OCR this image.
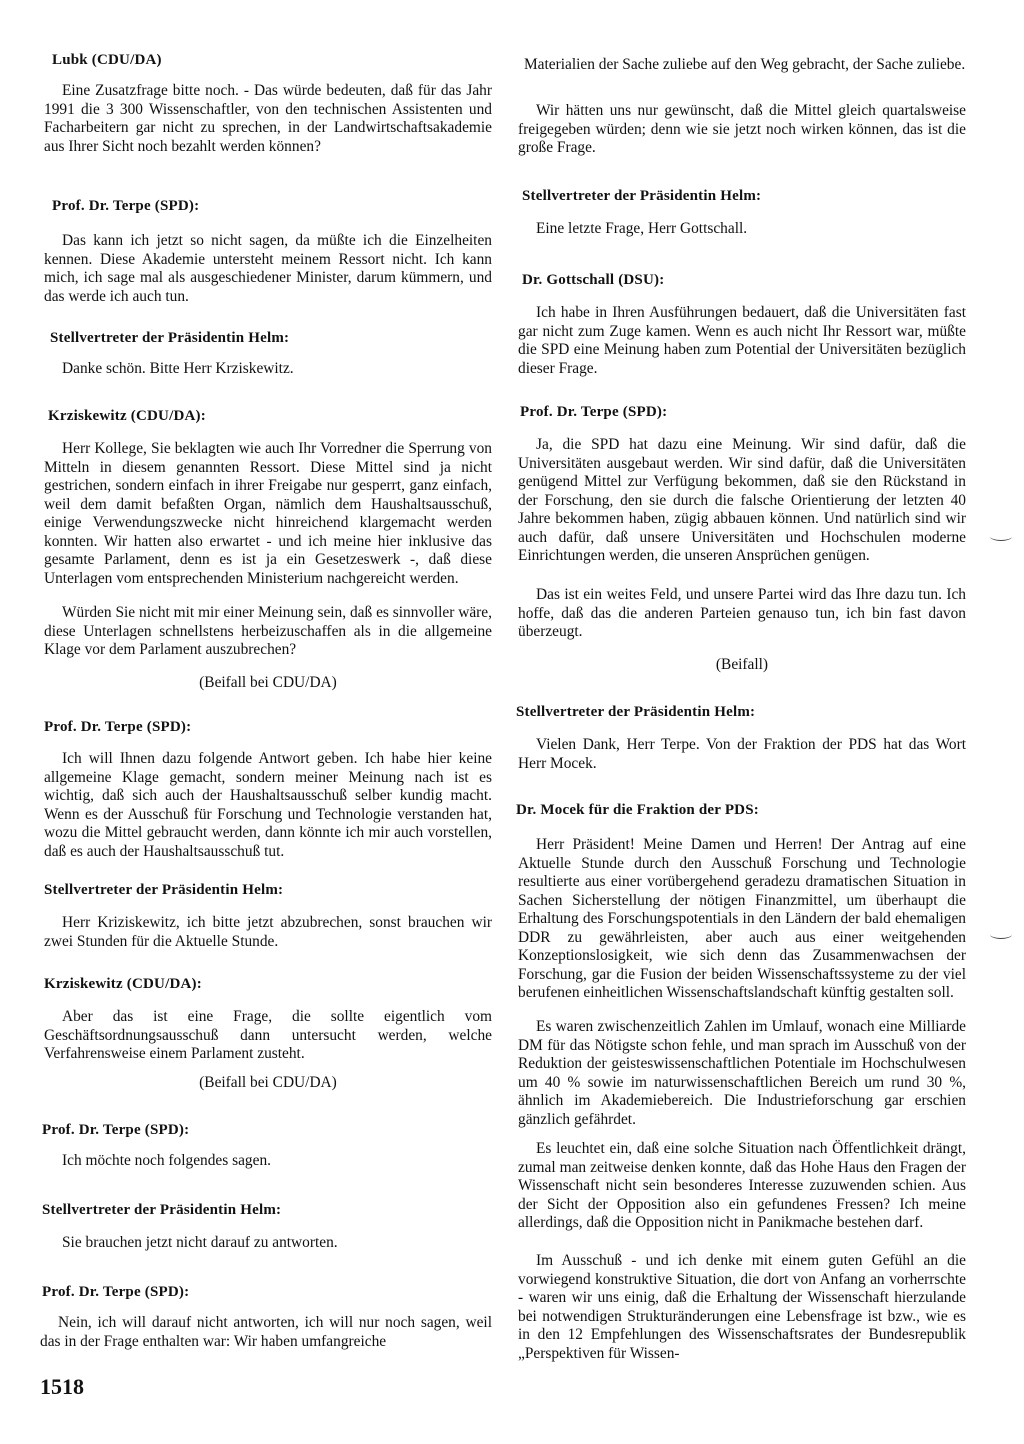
Lubk (CDU/DA)

Eine Zusatzfrage bitte noch. - Das würde bedeuten, daß für das Jahr 1991 die 3 300 Wissenschaftler, von den technischen Assistenten und Facharbeitern gar nicht zu sprechen, in der Landwirtschaftsakademie aus Ihrer Sicht noch bezahlt werden können?

Prof. Dr. Terpe (SPD):

Das kann ich jetzt so nicht sagen, da müßte ich die Einzelheiten kennen. Diese Akademie untersteht meinem Ressort nicht. Ich kann mich, ich sage mal als ausgeschiedener Minister, darum kümmern, und das werde ich auch tun.

Stellvertreter der Präsidentin Helm:

Danke schön. Bitte Herr Krziskewitz.

Krziskewitz (CDU/DA):

Herr Kollege, Sie beklagten wie auch Ihr Vorredner die Sperrung von Mitteln in diesem genannten Ressort. Diese Mittel sind ja nicht gestrichen, sondern einfach in ihrer Freigabe nur gesperrt, ganz einfach, weil dem damit befaßten Organ, nämlich dem Haushaltsausschuß, einige Verwendungszwecke nicht hinreichend klargemacht werden konnten. Wir hatten also erwartet - und ich meine hier inklusive das gesamte Parlament, denn es ist ja ein Gesetzeswerk -, daß diese Unterlagen vom entsprechenden Ministerium nachgereicht werden.

Würden Sie nicht mit mir einer Meinung sein, daß es sinnvoller wäre, diese Unterlagen schnellstens herbeizuschaffen als in die allgemeine Klage vor dem Parlament auszubrechen?

(Beifall bei CDU/DA)
Prof. Dr. Terpe (SPD):

Ich will Ihnen dazu folgende Antwort geben. Ich habe hier keine allgemeine Klage gemacht, sondern meiner Meinung nach ist es wichtig, daß sich auch der Haushaltsausschuß selber kundig macht. Wenn es der Ausschuß für Forschung und Technologie verstanden hat, wozu die Mittel gebraucht werden, dann könnte ich mir auch vorstellen, daß es auch der Haushaltsausschuß tut.

Stellvertreter der Präsidentin Helm:

Herr Kriziskewitz, ich bitte jetzt abzubrechen, sonst brauchen wir zwei Stunden für die Aktuelle Stunde.

Krziskewitz (CDU/DA):

Aber das ist eine Frage, die sollte eigentlich vom Geschäftsordnungsausschuß dann untersucht werden, welche Verfahrensweise einem Parlament zusteht.

(Beifall bei CDU/DA)
Prof. Dr. Terpe (SPD):

Ich möchte noch folgendes sagen.

Stellvertreter der Präsidentin Helm:

Sie brauchen jetzt nicht darauf zu antworten.

Prof. Dr. Terpe (SPD):

Nein, ich will darauf nicht antworten, ich will nur noch sagen, weil das in der Frage enthalten war: Wir haben umfangreiche

Materialien der Sache zuliebe auf den Weg gebracht, der Sache zuliebe.

Wir hätten uns nur gewünscht, daß die Mittel gleich quartalsweise freigegeben würden; denn wie sie jetzt noch wirken können, das ist die große Frage.

Stellvertreter der Präsidentin Helm:

Eine letzte Frage, Herr Gottschall.

Dr. Gottschall (DSU):

Ich habe in Ihren Ausführungen bedauert, daß die Universitäten fast gar nicht zum Zuge kamen. Wenn es auch nicht Ihr Ressort war, müßte die SPD eine Meinung haben zum Potential der Universitäten bezüglich dieser Frage.

Prof. Dr. Terpe (SPD):

Ja, die SPD hat dazu eine Meinung. Wir sind dafür, daß die Universitäten ausgebaut werden. Wir sind dafür, daß die Universitäten genügend Mittel zur Verfügung bekommen, daß sie den Rückstand in der Forschung, den sie durch die falsche Orientierung der letzten 40 Jahre bekommen haben, zügig abbauen können. Und natürlich sind wir auch dafür, daß unsere Universitäten und Hochschulen moderne Einrichtungen werden, die unseren Ansprüchen genügen.

Das ist ein weites Feld, und unsere Partei wird das Ihre dazu tun. Ich hoffe, daß das die anderen Parteien genauso tun, ich bin fast davon überzeugt.

(Beifall)
Stellvertreter der Präsidentin Helm:

Vielen Dank, Herr Terpe. Von der Fraktion der PDS hat das Wort Herr Mocek.

Dr. Mocek für die Fraktion der PDS:

Herr Präsident! Meine Damen und Herren! Der Antrag auf eine Aktuelle Stunde durch den Ausschuß Forschung und Technologie resultierte aus einer vorübergehend geradezu dramatischen Situation in Sachen Sicherstellung der nötigen Finanzmittel, um überhaupt die Erhaltung des Forschungspotentials in den Ländern der bald ehemaligen DDR zu gewährleisten, aber auch aus einer weitgehenden Konzeptionslosigkeit, wie sich denn das Zusammenwachsen der Forschung, gar die Fusion der beiden Wissenschaftssysteme zu der viel berufenen einheitlichen Wissenschaftslandschaft künftig gestalten soll.

Es waren zwischenzeitlich Zahlen im Umlauf, wonach eine Milliarde DM für das Nötigste schon fehle, und man sprach im Ausschuß von der Reduktion der geisteswissenschaftlichen Potentiale im Hochschulwesen um 40 % sowie im naturwissenschaftlichen Bereich um rund 30 %, ähnlich im Akademiebereich. Die Industrieforschung gar erschien gänzlich gefährdet.

Es leuchtet ein, daß eine solche Situation nach Öffentlichkeit drängt, zumal man zeitweise denken konnte, daß das Hohe Haus den Fragen der Wissenschaft nicht sein besonderes Interesse zuzuwenden schien. Aus der Sicht der Opposition also ein gefundenes Fressen? Ich meine allerdings, daß die Opposition nicht in Panikmache bestehen darf.

Im Ausschuß - und ich denke mit einem guten Gefühl an die vorwiegend konstruktive Situation, die dort von Anfang an vorherrschte - waren wir uns einig, daß die Erhaltung der Wissenschaft hierzulande bei notwendigen Strukturänderungen eine Lebensfrage ist bzw., wie es in den 12 Empfehlungen des Wissenschaftsrates der Bundesrepublik „Perspektiven für Wissen-

1518
